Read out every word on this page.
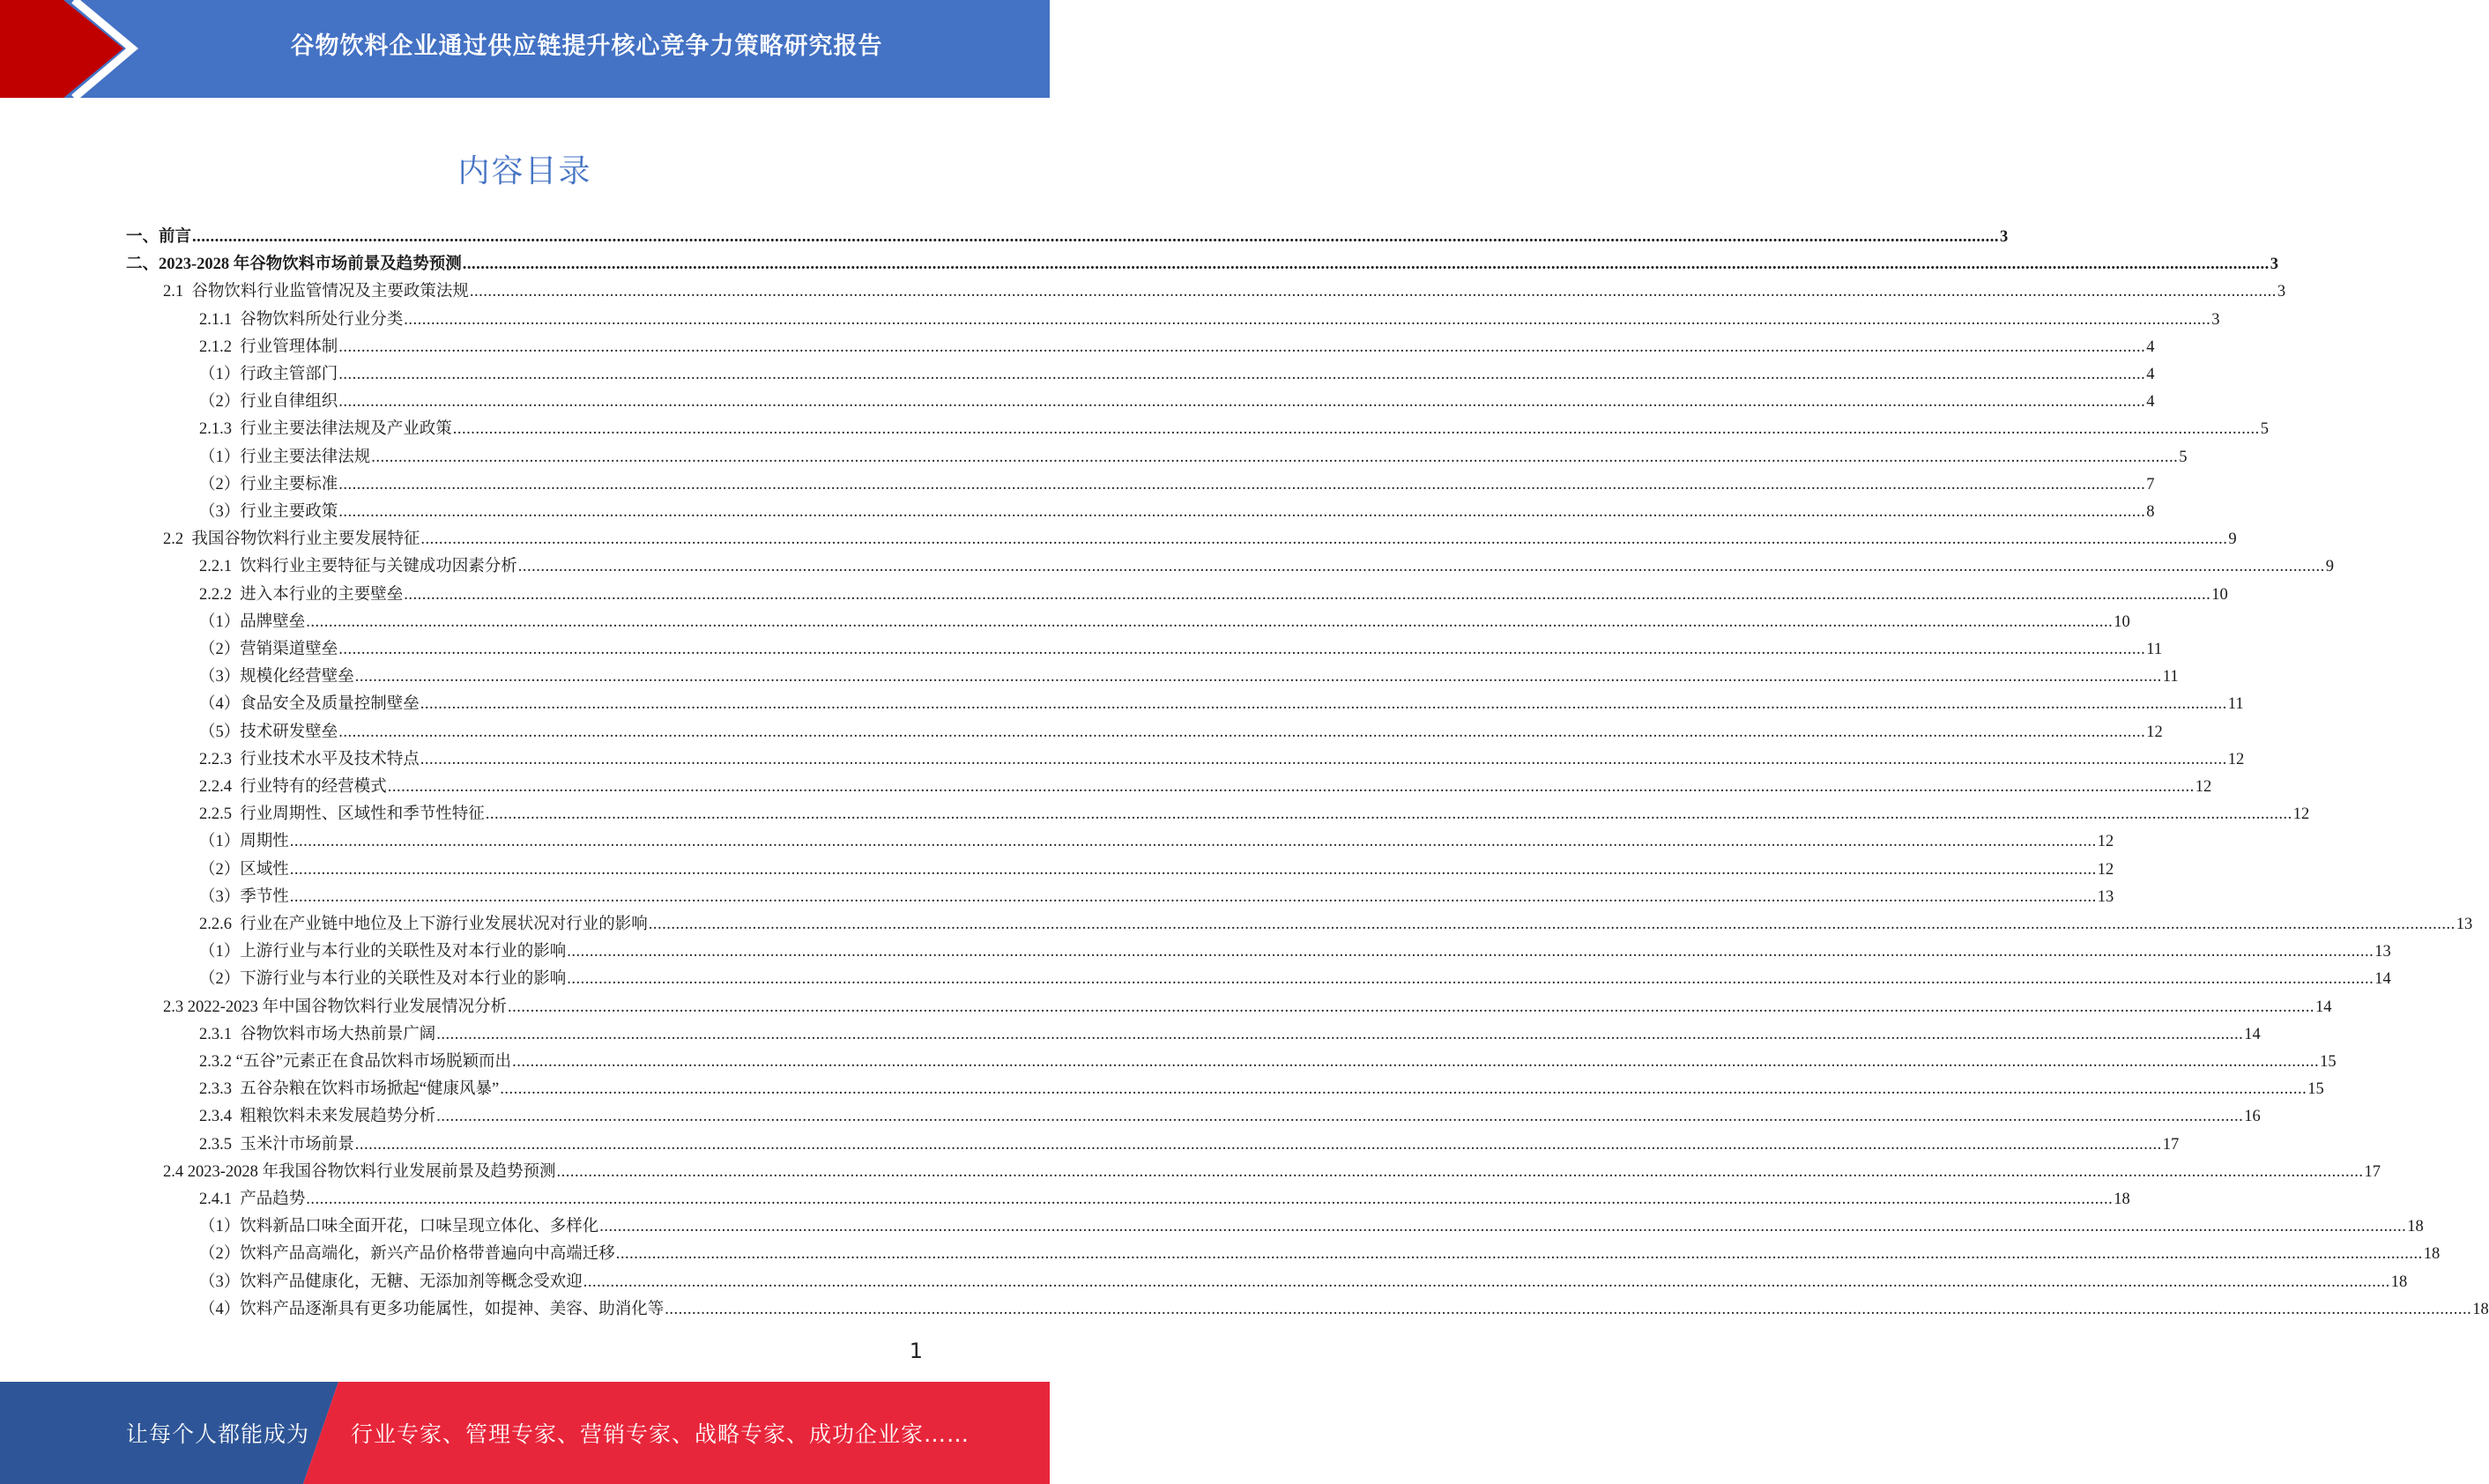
谷物饮料企业通过供应链提升核心竞争力策略研究报告
内容目录
一、前言 ................................................................................................................................................................................................................................................................................................................................................................................................................ 3
二、2023-2028 年谷物饮料市场前景及趋势预测 ................................................................................................................................................................................................................................................................................................................................................................................................................ 3
2.1  谷物饮料行业监管情况及主要政策法规 ................................................................................................................................................................................................................................................................................................................................................................................................................ 3
2.1.1  谷物饮料所处行业分类 ................................................................................................................................................................................................................................................................................................................................................................................................................ 3
2.1.2  行业管理体制 ................................................................................................................................................................................................................................................................................................................................................................................................................ 4
（1）行政主管部门 ................................................................................................................................................................................................................................................................................................................................................................................................................ 4
（2）行业自律组织 ................................................................................................................................................................................................................................................................................................................................................................................................................ 4
2.1.3  行业主要法律法规及产业政策 ................................................................................................................................................................................................................................................................................................................................................................................................................ 5
（1）行业主要法律法规 ................................................................................................................................................................................................................................................................................................................................................................................................................ 5
（2）行业主要标准 ................................................................................................................................................................................................................................................................................................................................................................................................................ 7
（3）行业主要政策 ................................................................................................................................................................................................................................................................................................................................................................................................................ 8
2.2  我国谷物饮料行业主要发展特征 ................................................................................................................................................................................................................................................................................................................................................................................................................ 9
2.2.1  饮料行业主要特征与关键成功因素分析 ................................................................................................................................................................................................................................................................................................................................................................................................................ 9
2.2.2  进入本行业的主要壁垒 ................................................................................................................................................................................................................................................................................................................................................................................................................ 10
（1）品牌壁垒 ................................................................................................................................................................................................................................................................................................................................................................................................................ 10
（2）营销渠道壁垒 ................................................................................................................................................................................................................................................................................................................................................................................................................ 11
（3）规模化经营壁垒 ................................................................................................................................................................................................................................................................................................................................................................................................................ 11
（4）食品安全及质量控制壁垒 ................................................................................................................................................................................................................................................................................................................................................................................................................ 11
（5）技术研发壁垒 ................................................................................................................................................................................................................................................................................................................................................................................................................ 12
2.2.3  行业技术水平及技术特点 ................................................................................................................................................................................................................................................................................................................................................................................................................ 12
2.2.4  行业特有的经营模式 ................................................................................................................................................................................................................................................................................................................................................................................................................ 12
2.2.5  行业周期性、区域性和季节性特征 ................................................................................................................................................................................................................................................................................................................................................................................................................ 12
（1）周期性 ................................................................................................................................................................................................................................................................................................................................................................................................................ 12
（2）区域性 ................................................................................................................................................................................................................................................................................................................................................................................................................ 12
（3）季节性 ................................................................................................................................................................................................................................................................................................................................................................................................................ 13
2.2.6  行业在产业链中地位及上下游行业发展状况对行业的影响 ................................................................................................................................................................................................................................................................................................................................................................................................................ 13
（1）上游行业与本行业的关联性及对本行业的影响 ................................................................................................................................................................................................................................................................................................................................................................................................................ 13
（2）下游行业与本行业的关联性及对本行业的影响 ................................................................................................................................................................................................................................................................................................................................................................................................................ 14
2.3 2022-2023 年中国谷物饮料行业发展情况分析 ................................................................................................................................................................................................................................................................................................................................................................................................................ 14
2.3.1  谷物饮料市场大热前景广阔 ................................................................................................................................................................................................................................................................................................................................................................................................................ 14
2.3.2 “五谷”元素正在食品饮料市场脱颖而出 ................................................................................................................................................................................................................................................................................................................................................................................................................ 15
2.3.3  五谷杂粮在饮料市场掀起“健康风暴” ................................................................................................................................................................................................................................................................................................................................................................................................................ 15
2.3.4  粗粮饮料未来发展趋势分析 ................................................................................................................................................................................................................................................................................................................................................................................................................ 16
2.3.5  玉米汁市场前景 ................................................................................................................................................................................................................................................................................................................................................................................................................ 17
2.4 2023-2028 年我国谷物饮料行业发展前景及趋势预测 ................................................................................................................................................................................................................................................................................................................................................................................................................ 17
2.4.1  产品趋势 ................................................................................................................................................................................................................................................................................................................................................................................................................ 18
（1）饮料新品口味全面开花，口味呈现立体化、多样化 ................................................................................................................................................................................................................................................................................................................................................................................................................ 18
（2）饮料产品高端化，新兴产品价格带普遍向中高端迁移 ................................................................................................................................................................................................................................................................................................................................................................................................................ 18
（3）饮料产品健康化，无糖、无添加剂等概念受欢迎 ................................................................................................................................................................................................................................................................................................................................................................................................................ 18
（4）饮料产品逐渐具有更多功能属性，如提神、美容、助消化等 ................................................................................................................................................................................................................................................................................................................................................................................................................ 18
1
让每个人都能成为 行业专家、管理专家、营销专家、战略专家、成功企业家……
